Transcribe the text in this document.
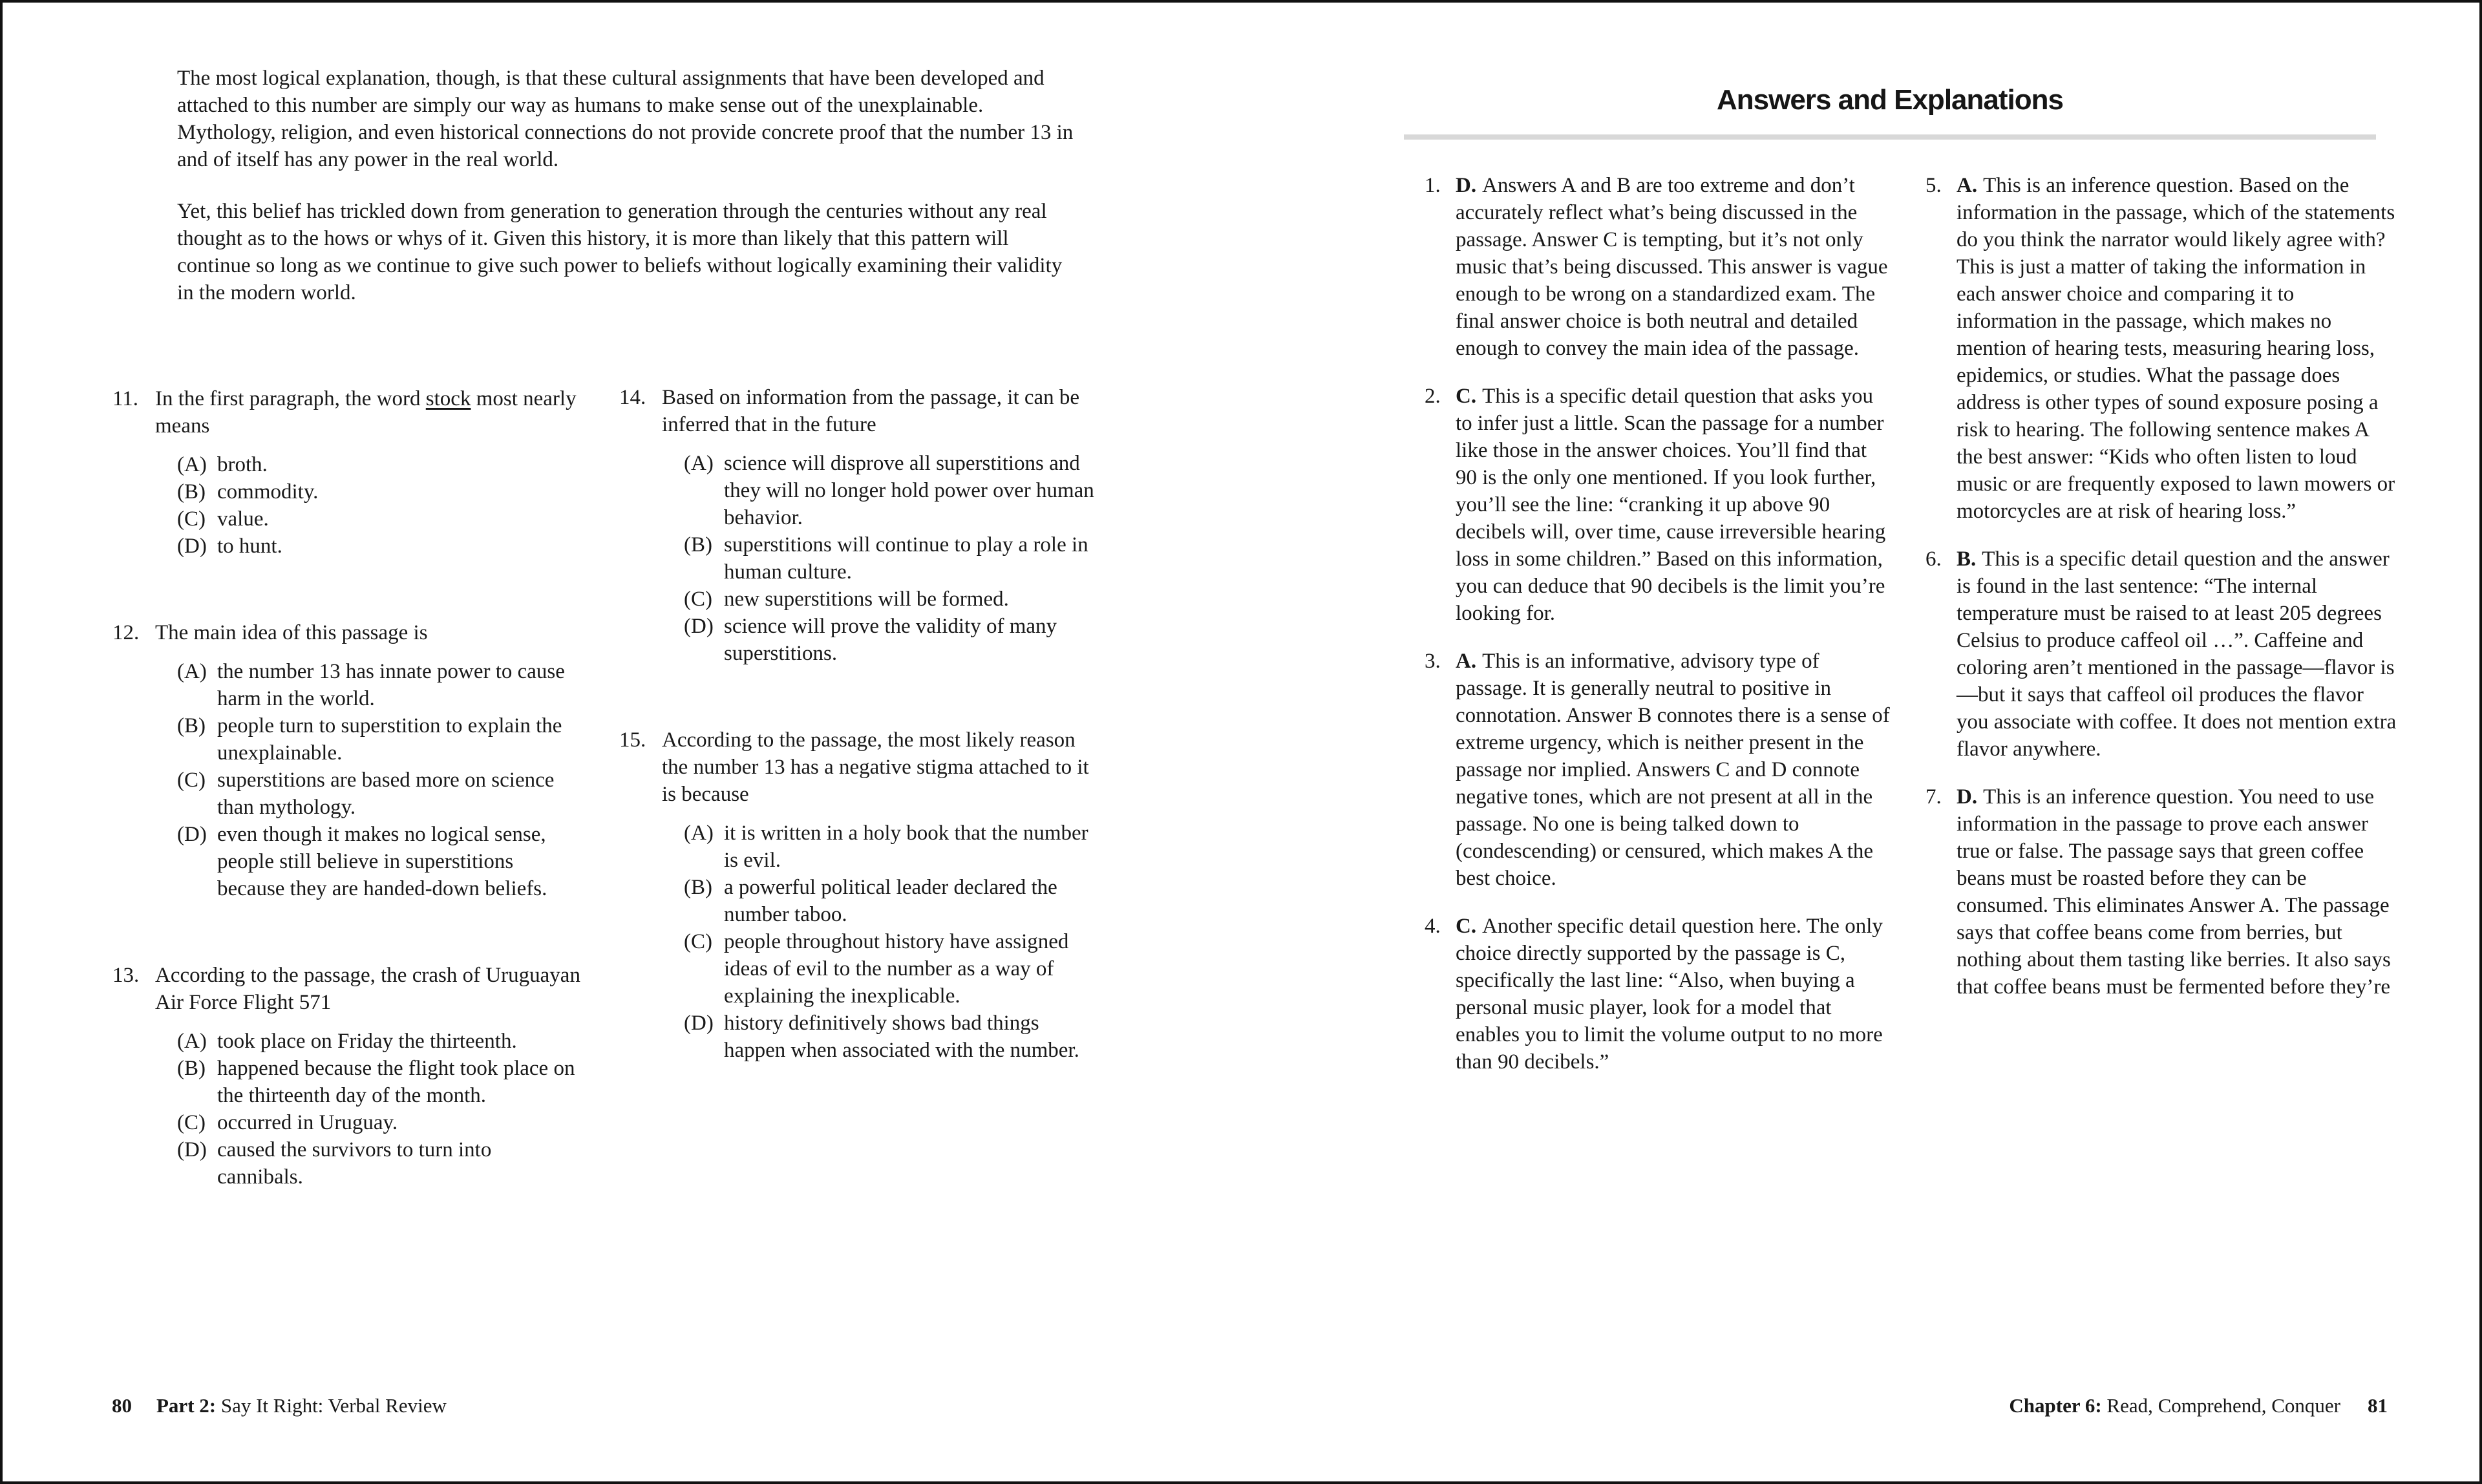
The most logical explanation, though, is that these cultural assignments that have been developed and attached to this number are simply our way as humans to make sense out of the unexplainable. Mythology, religion, and even historical connections do not provide concrete proof that the number 13 in and of itself has any power in the real world.

Yet, this belief has trickled down from generation to generation through the centuries without any real thought as to the hows or whys of it. Given this history, it is more than likely that this pattern will continue so long as we continue to give such power to beliefs without logically examining their validity in the modern world.

11. In the first paragraph, the word stock most nearly means
(A) broth.
(B) commodity.
(C) value.
(D) to hunt.
12. The main idea of this passage is
(A) the number 13 has innate power to cause harm in the world.
(B) people turn to superstition to explain the unexplainable.
(C) superstitions are based more on science than mythology.
(D) even though it makes no logical sense, people still believe in superstitions because they are handed-down beliefs.
13. According to the passage, the crash of Uruguayan Air Force Flight 571
(A) took place on Friday the thirteenth.
(B) happened because the flight took place on the thirteenth day of the month.
(C) occurred in Uruguay.
(D) caused the survivors to turn into cannibals.
14. Based on information from the passage, it can be inferred that in the future
(A) science will disprove all superstitions and they will no longer hold power over human behavior.
(B) superstitions will continue to play a role in human culture.
(C) new superstitions will be formed.
(D) science will prove the validity of many superstitions.
15. According to the passage, the most likely reason the number 13 has a negative stigma attached to it is because
(A) it is written in a holy book that the number is evil.
(B) a powerful political leader declared the number taboo.
(C) people throughout history have assigned ideas of evil to the number as a way of explaining the inexplicable.
(D) history definitively shows bad things happen when associated with the number.
80 Part 2: Say It Right: Verbal Review
Answers and Explanations
1. D. Answers A and B are too extreme and don’t accurately reflect what’s being discussed in the passage. Answer C is tempting, but it’s not only music that’s being discussed. This answer is vague enough to be wrong on a standardized exam. The final answer choice is both neutral and detailed enough to convey the main idea of the passage.
2. C. This is a specific detail question that asks you to infer just a little. Scan the passage for a number like those in the answer choices. You’ll find that 90 is the only one mentioned. If you look further, you’ll see the line: “cranking it up above 90 decibels will, over time, cause irreversible hearing loss in some children.” Based on this information, you can deduce that 90 decibels is the limit you’re looking for.
3. A. This is an informative, advisory type of passage. It is generally neutral to positive in connotation. Answer B connotes there is a sense of extreme urgency, which is neither present in the passage nor implied. Answers C and D connote negative tones, which are not present at all in the passage. No one is being talked down to (condescending) or censured, which makes A the best choice.
4. C. Another specific detail question here. The only choice directly supported by the passage is C, specifically the last line: “Also, when buying a personal music player, look for a model that enables you to limit the volume output to no more than 90 decibels.”
5. A. This is an inference question. Based on the information in the passage, which of the statements do you think the narrator would likely agree with? This is just a matter of taking the information in each answer choice and comparing it to information in the passage, which makes no mention of hearing tests, measuring hearing loss, epidemics, or studies. What the passage does address is other types of sound exposure posing a risk to hearing. The following sentence makes A the best answer: “Kids who often listen to loud music or are frequently exposed to lawn mowers or motorcycles are at risk of hearing loss.”
6. B. This is a specific detail question and the answer is found in the last sentence: “The internal temperature must be raised to at least 205 degrees Celsius to produce caffeol oil …”. Caffeine and coloring aren’t mentioned in the passage—flavor is—but it says that caffeol oil produces the flavor you associate with coffee. It does not mention extra flavor anywhere.
7. D. This is an inference question. You need to use information in the passage to prove each answer true or false. The passage says that green coffee beans must be roasted before they can be consumed. This eliminates Answer A. The passage says that coffee beans come from berries, but nothing about them tasting like berries. It also says that coffee beans must be fermented before they’re
Chapter 6: Read, Comprehend, Conquer 81
